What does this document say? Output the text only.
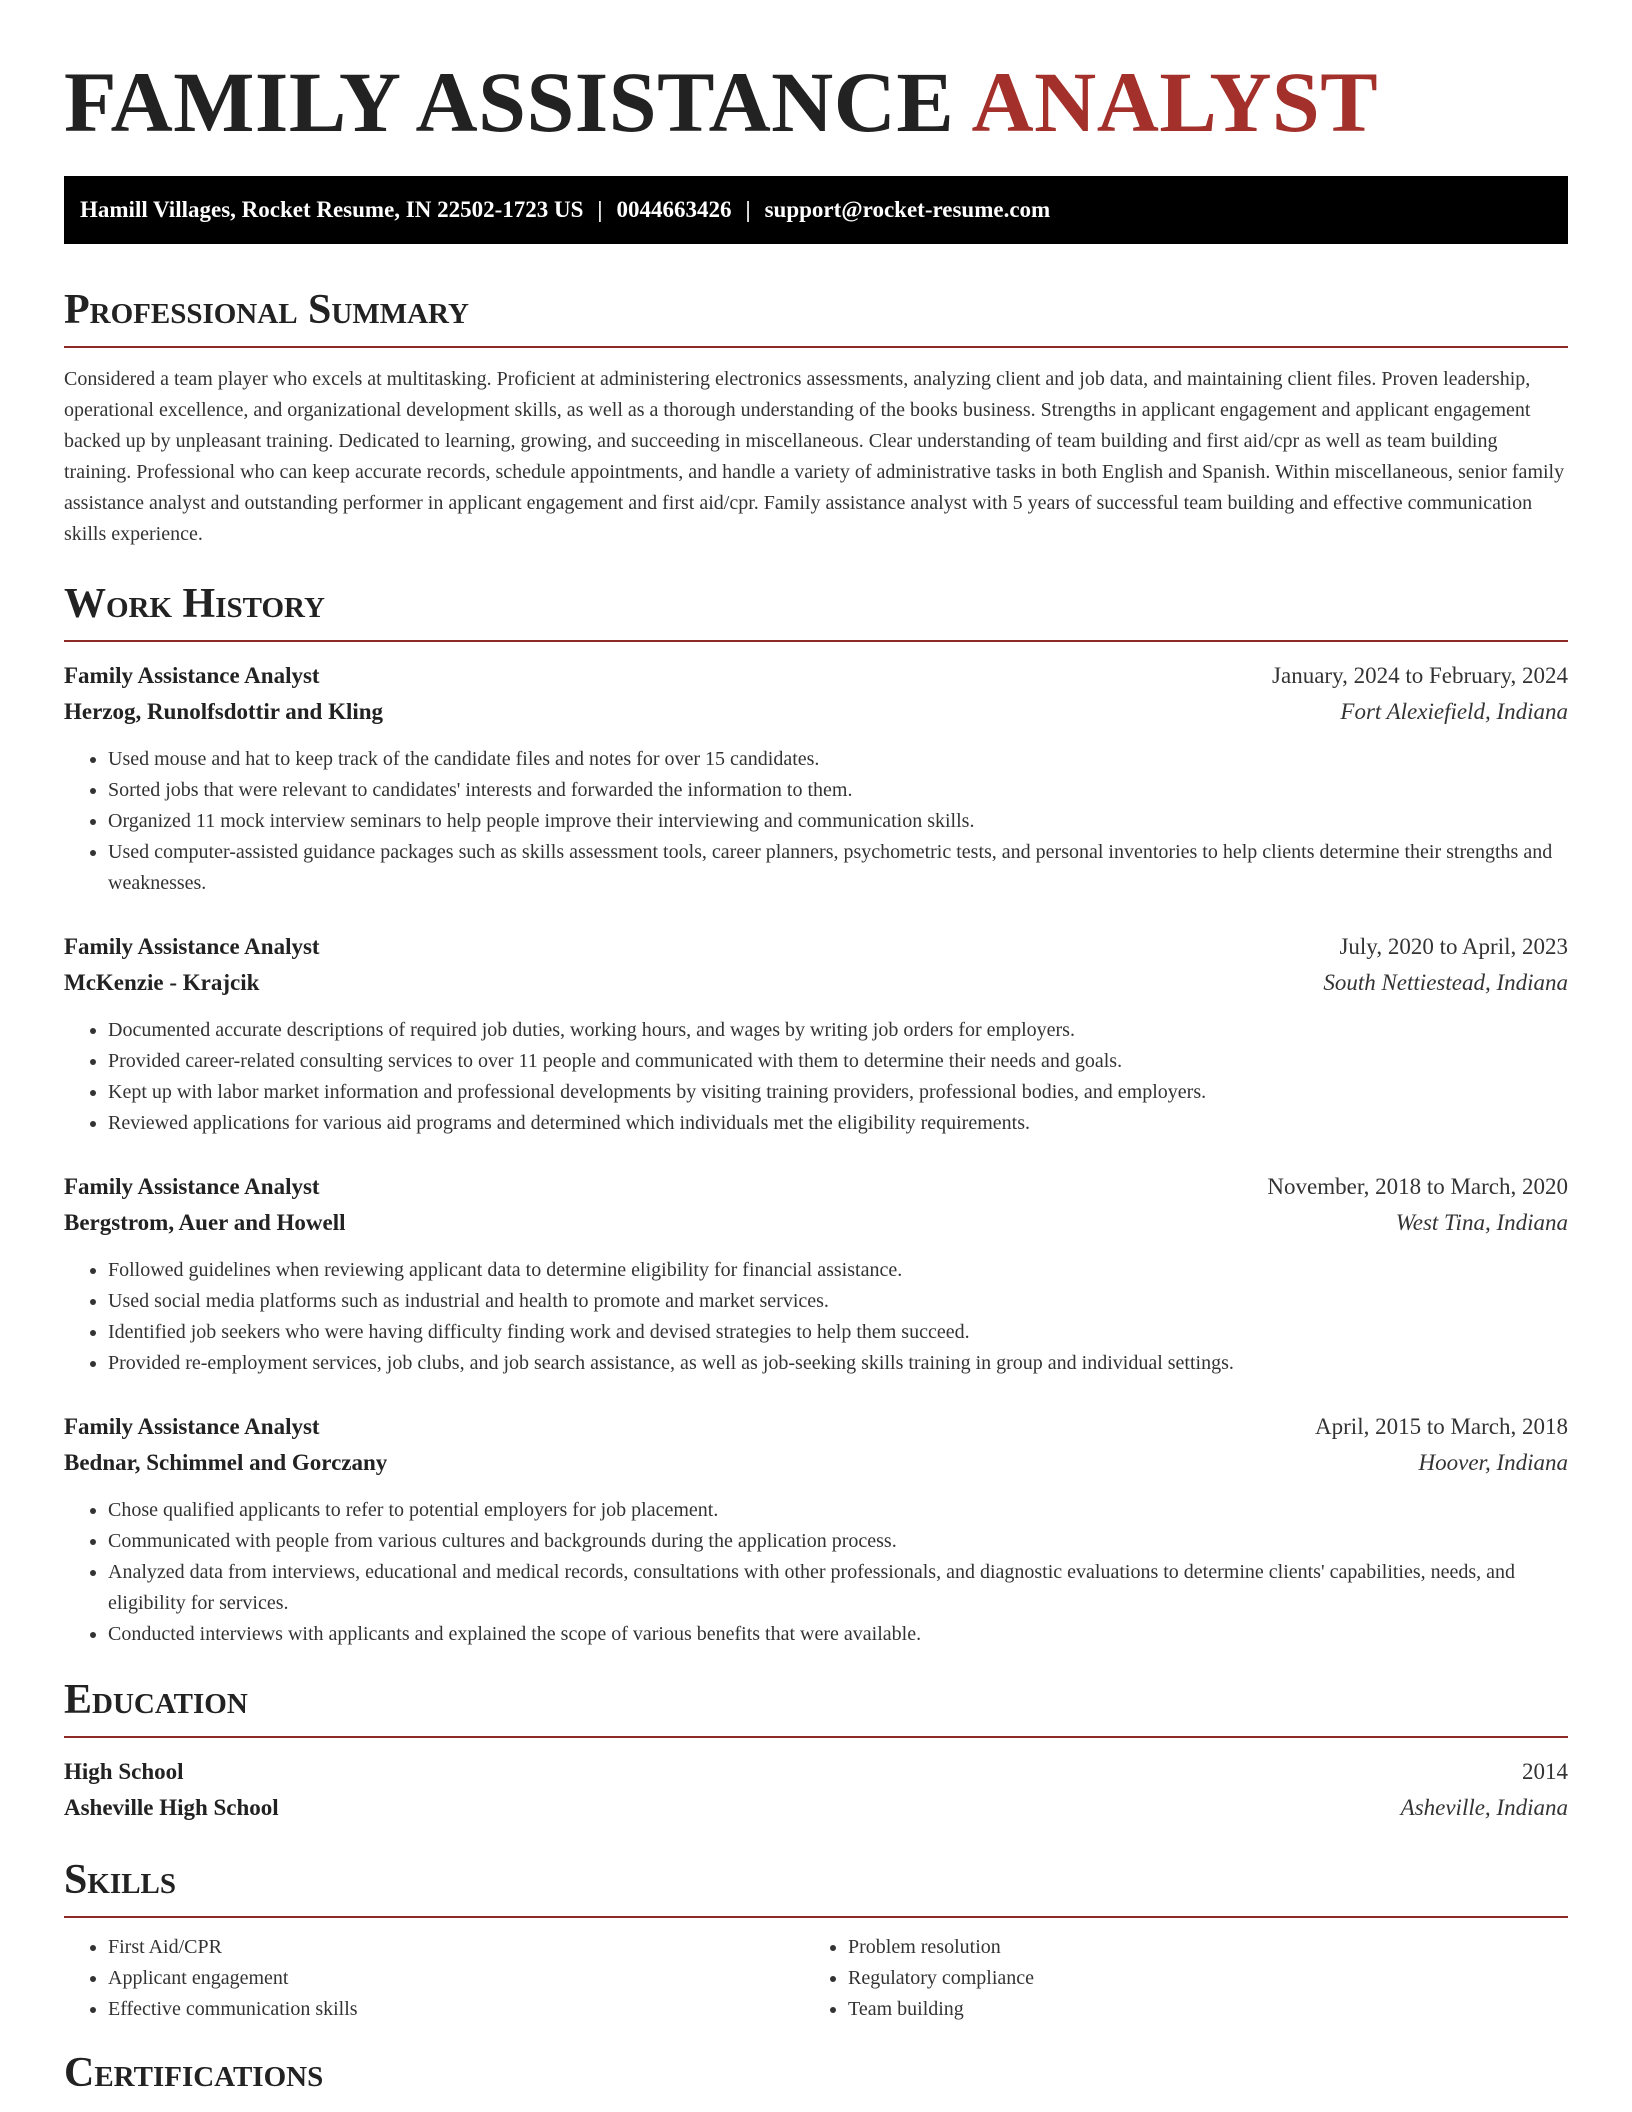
FAMILY ASSISTANCE ANALYST
Hamill Villages, Rocket Resume, IN 22502-1723 US | 0044663426 | support@rocket-resume.com
Professional Summary

Considered a team player who excels at multitasking. Proficient at administering electronics assessments, analyzing client and job data, and maintaining client files. Proven leadership, operational excellence, and organizational development skills, as well as a thorough understanding of the books business. Strengths in applicant engagement and applicant engagement backed up by unpleasant training. Dedicated to learning, growing, and succeeding in miscellaneous. Clear understanding of team building and first aid/cpr as well as team building training. Professional who can keep accurate records, schedule appointments, and handle a variety of administrative tasks in both English and Spanish. Within miscellaneous, senior family assistance analyst and outstanding performer in applicant engagement and first aid/cpr. Family assistance analyst with 5 years of successful team building and effective communication skills experience.

Work History
Family Assistance Analyst	January, 2024 to February, 2024
Herzog, Runolfsdottir and Kling	Fort Alexiefield, Indiana
• Used mouse and hat to keep track of the candidate files and notes for over 15 candidates.
• Sorted jobs that were relevant to candidates' interests and forwarded the information to them.
• Organized 11 mock interview seminars to help people improve their interviewing and communication skills.
• Used computer-assisted guidance packages such as skills assessment tools, career planners, psychometric tests, and personal inventories to help clients determine their strengths and weaknesses.
Family Assistance Analyst	July, 2020 to April, 2023
McKenzie - Krajcik	South Nettiestead, Indiana
• Documented accurate descriptions of required job duties, working hours, and wages by writing job orders for employers.
• Provided career-related consulting services to over 11 people and communicated with them to determine their needs and goals.
• Kept up with labor market information and professional developments by visiting training providers, professional bodies, and employers.
• Reviewed applications for various aid programs and determined which individuals met the eligibility requirements.
Family Assistance Analyst	November, 2018 to March, 2020
Bergstrom, Auer and Howell	West Tina, Indiana
• Followed guidelines when reviewing applicant data to determine eligibility for financial assistance.
• Used social media platforms such as industrial and health to promote and market services.
• Identified job seekers who were having difficulty finding work and devised strategies to help them succeed.
• Provided re-employment services, job clubs, and job search assistance, as well as job-seeking skills training in group and individual settings.
Family Assistance Analyst	April, 2015 to March, 2018
Bednar, Schimmel and Gorczany	Hoover, Indiana
• Chose qualified applicants to refer to potential employers for job placement.
• Communicated with people from various cultures and backgrounds during the application process.
• Analyzed data from interviews, educational and medical records, consultations with other professionals, and diagnostic evaluations to determine clients' capabilities, needs, and eligibility for services.
• Conducted interviews with applicants and explained the scope of various benefits that were available.
Education
High School	2014
Asheville High School	Asheville, Indiana
Skills
• First Aid/CPR
• Applicant engagement
• Effective communication skills
• Problem resolution
• Regulatory compliance
• Team building
Certifications
